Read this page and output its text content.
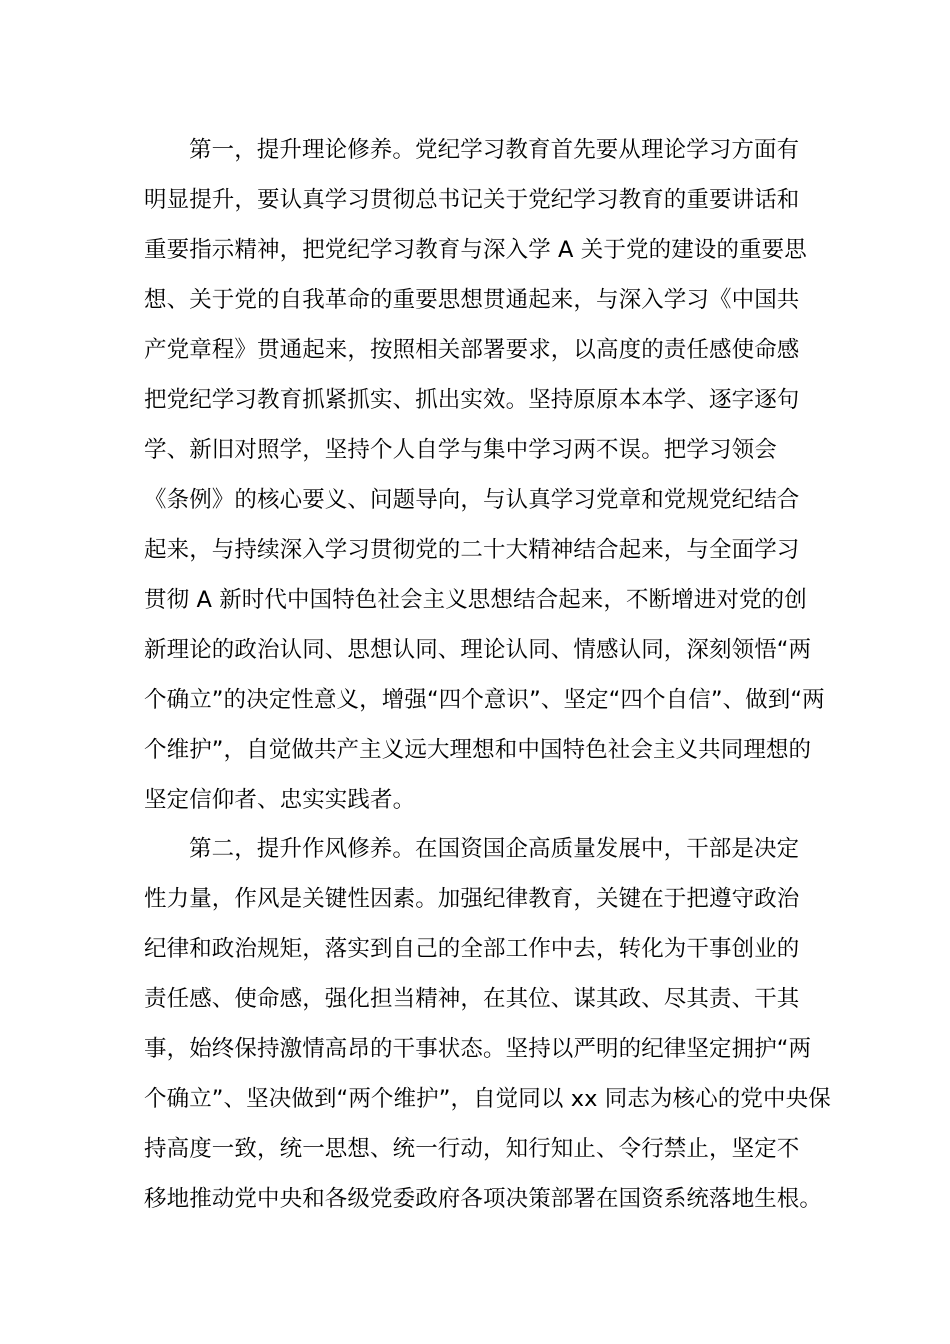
第一，提升理论修养。党纪学习教育首先要从理论学习方面有
明显提升，要认真学习贯彻总书记关于党纪学习教育的重要讲话和
重要指示精神，把党纪学习教育与深入学 A 关于党的建设的重要思
想、关于党的自我革命的重要思想贯通起来，与深入学习《中国共
产党章程》贯通起来，按照相关部署要求，以高度的责任感使命感
把党纪学习教育抓紧抓实、抓出实效。坚持原原本本学、逐字逐句
学、新旧对照学，坚持个人自学与集中学习两不误。把学习领会
《条例》的核心要义、问题导向，与认真学习党章和党规党纪结合
起来，与持续深入学习贯彻党的二十大精神结合起来，与全面学习
贯彻 A 新时代中国特色社会主义思想结合起来，不断增进对党的创
新理论的政治认同、思想认同、理论认同、情感认同，深刻领悟“两
个确立”的决定性意义，增强“四个意识”、坚定“四个自信”、做到“两
个维护”，自觉做共产主义远大理想和中国特色社会主义共同理想的
坚定信仰者、忠实实践者。
第二，提升作风修养。在国资国企高质量发展中，干部是决定
性力量，作风是关键性因素。加强纪律教育，关键在于把遵守政治
纪律和政治规矩，落实到自己的全部工作中去，转化为干事创业的
责任感、使命感，强化担当精神，在其位、谋其政、尽其责、干其
事，始终保持激情高昂的干事状态。坚持以严明的纪律坚定拥护“两
个确立”、坚决做到“两个维护”，自觉同以 xx 同志为核心的党中央保
持高度一致，统一思想、统一行动，知行知止、令行禁止，坚定不
移地推动党中央和各级党委政府各项决策部署在国资系统落地生根。
